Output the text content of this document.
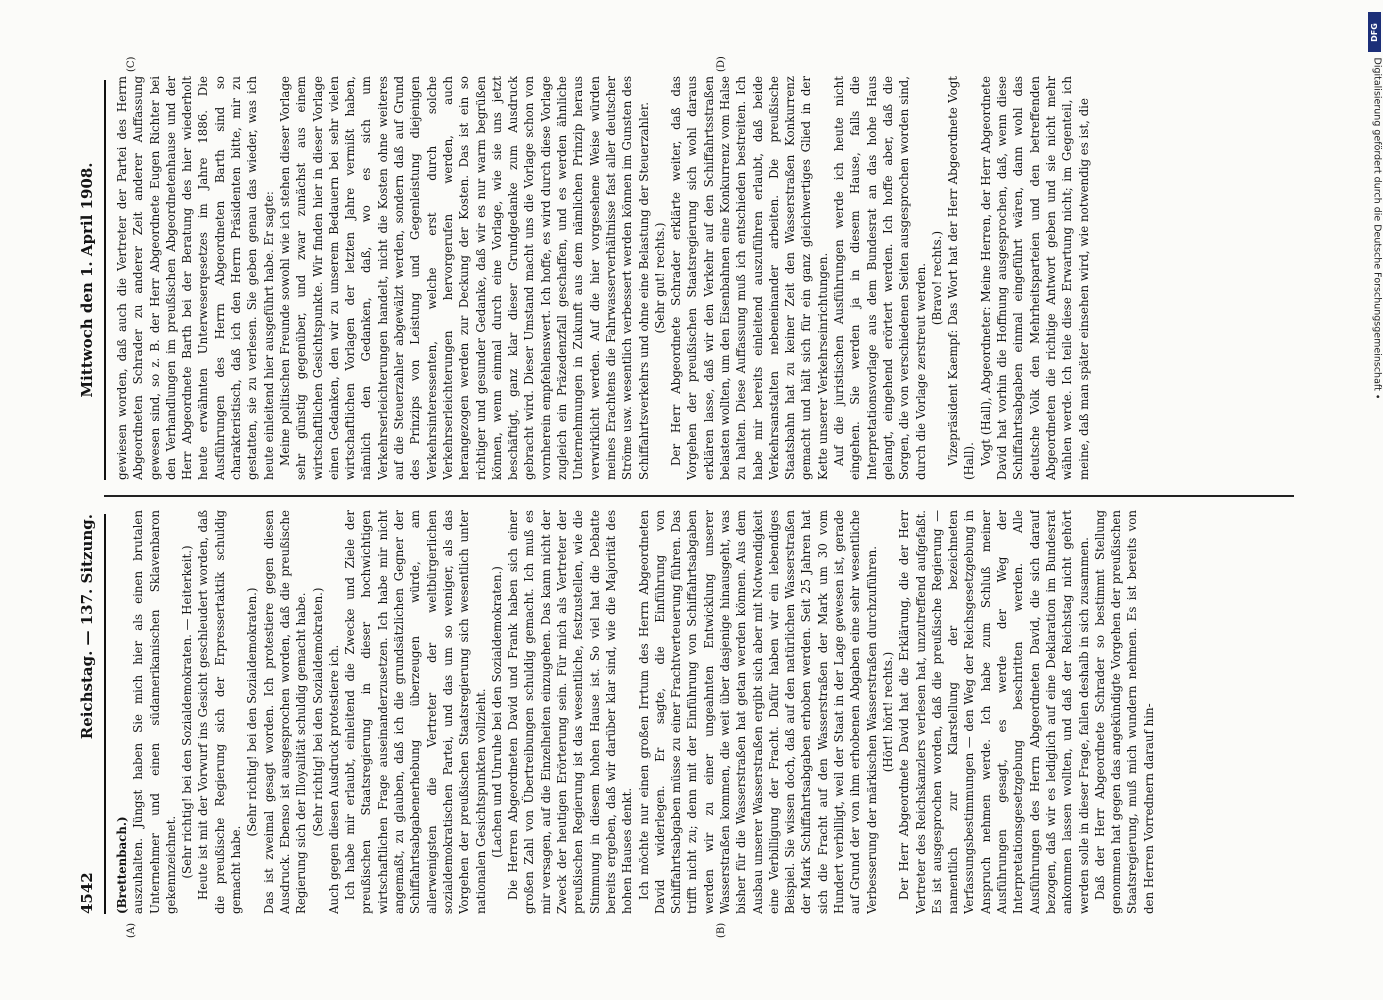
4542
Reichstag. — 137. Sitzung.
Mittwoch den 1. April 1908.
(A)	(B)
(C)	(D)

(Brettenbach.) auszuhalten. Jüngst haben Sie mich hier als einen brutalen Unternehmer und einen südamerikanischen Sklavenbaron gekennzeichnet. (Sehr richtig! bei den Sozialdemokraten. — Heiterkeit.) Heute ist mit der Vorwurf ins Gesicht geschleudert worden, daß die preußische Regierung sich der Erpressertaktik schuldig gemacht habe.

(Sehr richtig! bei den Sozialdemokraten.) Das ist zweimal gesagt worden. Ich protestiere gegen diesen Ausdruck. Ebenso ist ausgesprochen worden, daß die preußische Regierung sich der Illoyalität schuldig gemacht habe. (Sehr richtig! bei den Sozialdemokraten.) Auch gegen diesen Ausdruck protestiere ich. Ich habe mir erlaubt, einleitend die Zwecke und Ziele der preußischen Staatsregierung in dieser hochwichtigen wirtschaftlichen Frage auseinanderzusetzen. Ich habe mir nicht angemaßt, zu glauben, daß ich die grundsätzlichen Gegner der Schiffahrtsabgabenerhebung überzeugen würde, am allerwenigsten die Vertreter der weltbürgerlichen sozialdemokratischen Partei, und das um so weniger, als das Vorgehen der preußischen Staatsregierung sich wesentlich unter nationalen Gesichtspunkten vollzieht. (Lachen und Unruhe bei den Sozialdemokraten.) Die Herren Abgeordneten David und Frank haben sich einer großen Zahl von Übertreibungen schuldig gemacht. Ich muß es mir versagen, auf die Einzelheiten einzugehen. Das kann nicht der Zweck der heutigen Erörterung sein. Für mich als Vertreter der preußischen Regierung ist das wesentliche, festzustellen, wie die Stimmung in diesem hohen Hause ist. So viel hat die Debatte bereits ergeben, daß wir darüber klar sind, wie die Majorität des hohen Hauses denkt. Ich möchte nur einen großen Irrtum des Herrn Abgeordneten David widerlegen. Er sagte, die Einführung von Schiffahrtsabgaben müsse zu einer Frachtverteuerung führen. Das trifft nicht zu; denn mit der Einführung von Schiffahrtsabgaben werden wir zu einer ungeahnten Entwicklung unserer Wasserstraßen kommen, die weit über dasjenige hinausgeht, was bisher für die Wasserstraßen hat getan werden können. Aus dem Ausbau unserer Wasserstraßen ergibt sich aber mit Notwendigkeit eine Verbilligung der Fracht. Dafür haben wir ein lebendiges Beispiel. Sie wissen doch, daß auf den natürlichen Wasserstraßen der Mark Schiffahrtsabgaben erhoben werden. Seit 25 Jahren hat sich die Fracht auf den Wasserstraßen der Mark um 30 vom Hundert verbilligt, weil der Staat in der Lage gewesen ist, gerade auf Grund der von ihm erhobenen Abgaben eine sehr wesentliche Verbesserung der märkischen Wasserstraßen durchzuführen. (Hört! hört! rechts.) Der Herr Abgeordnete David hat die Erklärung, die der Herr Vertreter des Reichskanzlers verlesen hat, unzutreffend aufgefaßt. Es ist ausgesprochen worden, daß die preußische Regierung — namentlich zur Klarstellung der bezeichneten Verfassungsbestimmungen — den Weg der Reichsgesetzgebung in Anspruch nehmen werde. Ich habe zum Schluß meiner Ausführungen gesagt, es werde der Weg der Interpretationsgesetzgebung beschritten werden. Alle Ausführungen des Herrn Abgeordneten David, die sich darauf bezogen, daß wir es lediglich auf eine Deklaration im Bundesrat ankommen lassen wollten, und daß der Reichstag nicht gehört werden solle in dieser Frage, fallen deshalb in sich zusammen. Daß der Herr Abgeordnete Schrader so bestimmt Stellung genommen hat gegen das angekündigte Vorgehen der preußischen Staatsregierung, muß mich wundern nehmen. Es ist bereits von den Herren Vorrednern darauf hin-

gewiesen worden, daß auch die Vertreter der Partei des Herrn Abgeordneten Schrader zu anderer Zeit anderer Auffassung gewesen sind, so z. B. der Herr Abgeordnete Eugen Richter bei den Verhandlungen im preußischen Abgeordnetenhause und der Herr Abgeordnete Barth bei der Beratung des hier wiederholt heute erwähnten Unterweserqesetzes im Jahre 1886. Die Ausführungen des Herrn Abgeordneten Barth sind so charakteristisch, daß ich den Herrn Präsidenten bitte, mir zu gestatten, sie zu verlesen. Sie geben genau das wieder, was ich heute einleitend hier ausgeführt habe. Er sagte: Meine politischen Freunde sowohl wie ich stehen dieser Vorlage sehr günstig gegenüber, und zwar zunächst aus einem wirtschaftlichen Gesichtspunkte. Wir finden hier in dieser Vorlage einen Gedanken, den wir zu unserem Bedauern bei sehr vielen wirtschaftlichen Vorlagen der letzten Jahre vermißt haben, nämlich den Gedanken, daß, wo es sich um Verkehrserleichterungen handelt, nicht die Kosten ohne weiteres auf die Steuerzahler abgewälzt werden, sondern daß auf Grund des Prinzips von Leistung und Gegenleistung diejenigen Verkehrsinteressenten, welche erst durch solche Verkehrserleichterungen hervorgerufen werden, auch herangezogen werden zur Deckung der Kosten. Das ist ein so richtiger und gesunder Gedanke, daß wir es nur warm begrüßen können, wenn einmal durch eine Vorlage, wie sie uns jetzt beschäftigt, ganz klar dieser Grundgedanke zum Ausdruck gebracht wird. Dieser Umstand macht uns die Vorlage schon von vornherein empfehlenswert. Ich hoffe, es wird durch diese Vorlage zugleich ein Präzedenzfall geschaffen, und es werden ähnliche Unternehmungen in Zukunft aus dem nämlichen Prinzip heraus verwirklicht werden. Auf die hier vorgesehene Weise würden meines Erachtens die Fahrwasserverhältnisse fast aller deutscher Ströme usw. wesentlich verbessert werden können im Gunsten des Schiffahrtsverkehrs und ohne eine Belastung der Steuerzahler. (Sehr gut! rechts.) Der Herr Abgeordnete Schrader erklärte weiter, daß das Vorgehen der preußischen Staatsregierung sich wohl daraus erklären lasse, daß wir den Verkehr auf den Schiffahrtsstraßen belasten wollten, um den Eisenbahnen eine Konkurrenz vom Halse zu halten. Diese Auffassung muß ich entschieden bestreiten. Ich habe mir bereits einleitend auszuführen erlaubt, daß beide Verkehrsanstalten nebeneinander arbeiten. Die preußische Staatsbahn hat zu keiner Zeit den Wasserstraßen Konkurrenz gemacht und hält sich für ein ganz gleichwertiges Glied in der Kette unserer Verkehrseinrichtungen. Auf die juristischen Ausführungen werde ich heute nicht eingehen. Sie werden ja in diesem Hause, falls die Interpretationsvorlage aus dem Bundesrat an das hohe Haus gelangt, eingehend erörtert werden. Ich hoffe aber, daß die Sorgen, die von verschiedenen Seiten ausgesprochen worden sind, durch die Vorlage zerstreut werden. (Bravo! rechts.) Vizepräsident Kaempf: Das Wort hat der Herr Abgeordnete Vogt (Hall). Vogt (Hall), Abgeordneter: Meine Herren, der Herr Abgeordnete David hat vorhin die Hoffnung ausgesprochen, daß, wenn diese Schiffahrtsabgaben einmal eingeführt wären, dann wohl das deutsche Volk den Mehrheitsparteien und den betreffenden Abgeordneten die richtige Antwort geben und sie nicht mehr wählen werde. Ich teile diese Erwartung nicht; im Gegenteil, ich meine, daß man später einsehen wird, wie notwendig es ist, die

DFG
Digitalisierung gefördert durch die Deutsche Forschungsgemeinschaft •
